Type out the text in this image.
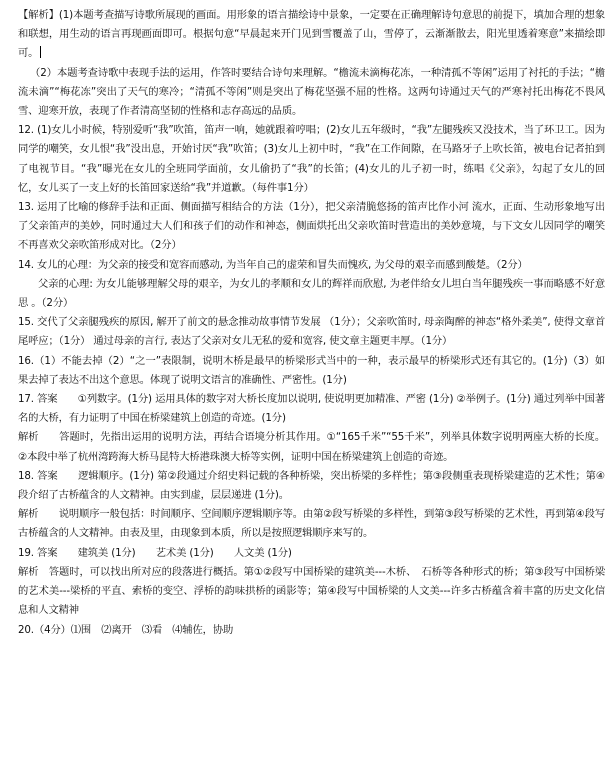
【解析】(1)本题考查描写诗歌所展现的画面。用形象的语言描绘诗中景象，一定要在正确理解诗句意思的前提下，填加合理的想象和联想，用生动的语言再现画面即可。根据句意“早晨起来开门见到雪覆盖了山，雪停了，云渐渐散去，阳光里透着寒意”来描绘即可。

（2）本题考查诗歌中表现手法的运用，作答时要结合诗句来理解。“檐流未滴梅花冻，一种清孤不等闲”运用了衬托的手法；“檐流未滴”“梅花冻”突出了天气的寒冷；“清孤不等闲”则是突出了梅花坚强不屈的性格。这两句诗通过天气的严寒衬托出梅花不畏风雪、迎寒开放，表现了作者清高坚韧的性格和志存高远的品质。

12. (1)女儿小时候，特别爱听“我”吹笛，笛声一响，她就跟着哼唱；(2)女儿五年级时，“我”左腿残疾又没技术，当了环卫工。因为同学的嘲笑，女儿恨“我”没出息，开始讨厌“我”吹笛；(3)女儿上初中时，“我”在工作间隙，在马路牙子上吹长笛，被电台记者拍到了电视节目。“我”曝光在女儿的全班同学面前，女儿偷扔了“我”的长笛；(4)女儿的儿子初一时，练唱《父亲》，勾起了女儿的回忆，女儿买了一支上好的长笛回家送给“我”并道歉。（每件事1分）

13. 运用了比喻的修辞手法和正面、侧面描写相结合的方法（1分），把父亲清脆悠扬的笛声比作小河 流水，正面、生动形象地写出了父亲笛声的美妙，同时通过大人们和孩子们的动作和神态，侧面烘托出父亲吹笛时营造出的美妙意境，与下文女儿因同学的嘲笑不再喜欢父亲吹笛形成对比。（2分）

14. 女儿的心理：为父亲的接受和宽容而感动, 为当年自己的虚荣和冒失而愧疚, 为父母的艰辛而感到酸楚。（2分）

父亲的心理: 为女儿能够理解父母的艰辛，为女儿的孝顺和女儿的辉祥而欣慰, 为老伴给女儿坦白当年腿残疾一事而略感不好意思 。（2分）

15. 交代了父亲腿残疾的原因, 解开了前文的悬念推动故事情节发展 （1分）；父亲吹笛时, 母亲陶醉的神态“格外柔美”, 使得文章首尾呼应；（1分） 通过母亲的言行, 表达了父亲对女儿无私的爱和宽容, 使文章主题更丰厚。（1分）

16.（1）不能去掉（2）“之一”表限制，说明木桥是最早的桥梁形式当中的一种，表示最早的桥梁形式还有其它的。(1分)（3）如果去掉了表达不出这个意思。体现了说明文语言的准确性、严密性。(1分)

17. 答案　　①列数字。(1分) 运用具体的数字对大桥长度加以说明, 使说明更加精准、严密 (1分) ②举例子。(1分) 通过列举中国著名的大桥，有力证明了中国在桥梁建筑上创造的奇迹。(1分)

解析　　答题时，先指出运用的说明方法，再结合语境分析其作用。①“165千米”“55千米”，列举具体数字说明两座大桥的长度。②本段中举了杭州湾跨海大桥马昆特大桥港珠澳大桥等实例，证明中国在桥梁建筑上创造的奇迹。

18. 答案　　逻辑顺序。(1分) 第②段通过介绍史料记载的各种桥梁，突出桥梁的多样性；第③段侧重表现桥梁建造的艺术性；第④段介绍了古桥蕴含的人文精神。由实到虚，层层递进 (1分)。

解析　　说明顺序一般包括：时间顺序、空间顺序逻辑顺序等。由第②段写桥梁的多样性，到第③段写桥梁的艺术性，再到第④段写古桥蕴含的人文精神。由表及里，由现象到本质，所以是按照逻辑顺序来写的。

19. 答案　　建筑美 (1分)　　艺术美 (1分)　　人文美 (1分)

解析　答题时，可以找出所对应的段落进行概括。第①②段写中国桥梁的建筑美---木桥、　石桥等各种形式的桥；第③段写中国桥梁的艺术美---梁桥的平直、索桥的变空、浮桥的韵味拱桥的函影等；第④段写中国桥梁的人文美---许多古桥蕴含着丰富的历史文化信息和人文精神

20.（4分）⑴围　⑵离开　⑶看　⑷辅佐，协助
